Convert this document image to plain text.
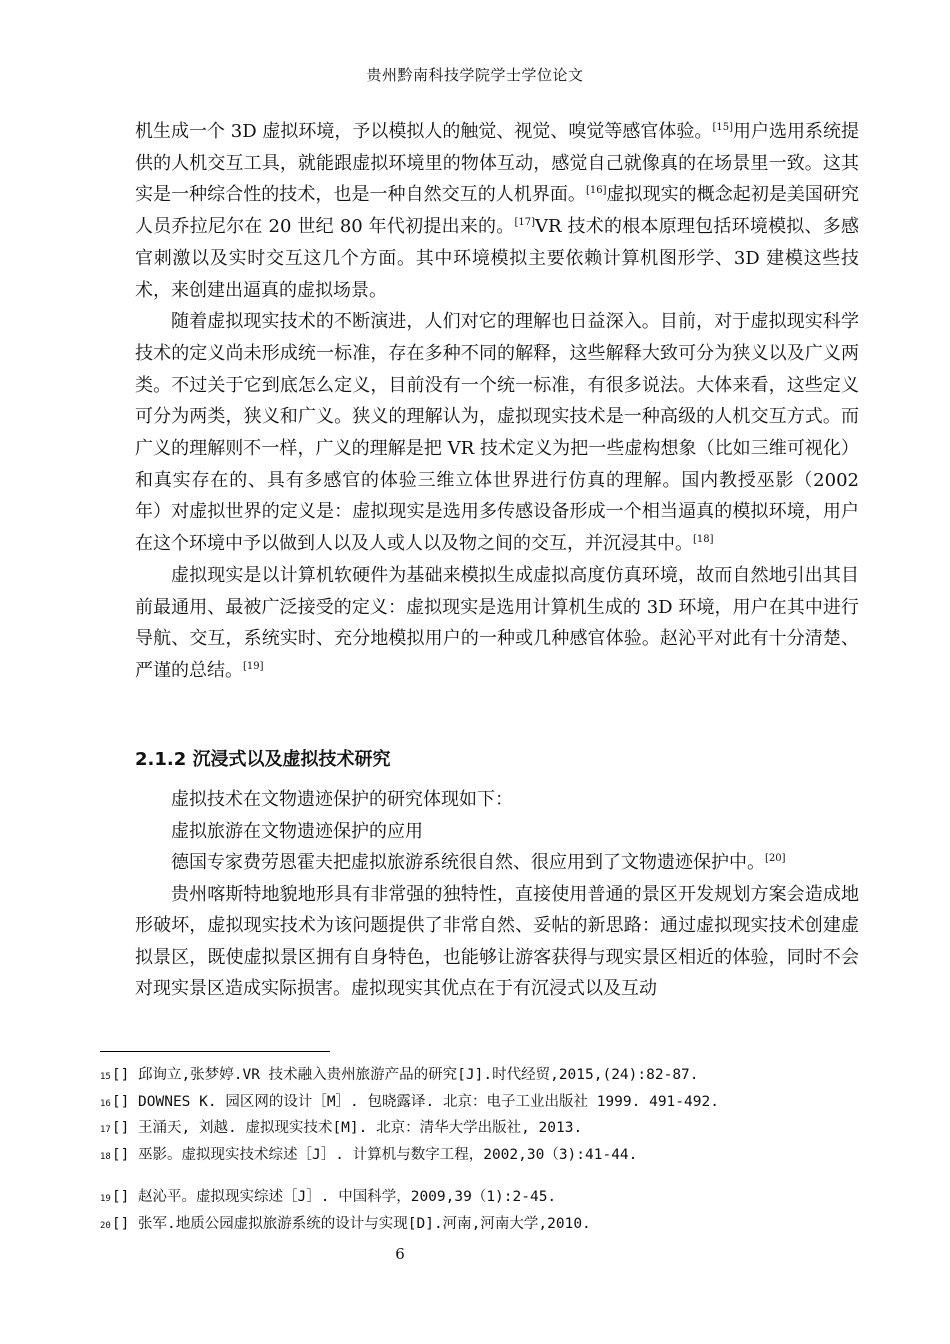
贵州黔南科技学院学士学位论文

机生成一个 3D 虚拟环境，予以模拟人的触觉、视觉、嗅觉等感官体验。[15]用户选用系统提供的人机交互工具，就能跟虚拟环境里的物体互动，感觉自己就像真的在场景里一致。这其实是一种综合性的技术，也是一种自然交互的人机界面。[16]虚拟现实的概念起初是美国研究人员乔拉尼尔在 20 世纪 80 年代初提出来的。[17]VR 技术的根本原理包括环境模拟、多感官刺激以及实时交互这几个方面。其中环境模拟主要依赖计算机图形学、3D 建模这些技术，来创建出逼真的虚拟场景。

随着虚拟现实技术的不断演进，人们对它的理解也日益深入。目前，对于虚拟现实科学技术的定义尚未形成统一标准，存在多种不同的解释，这些解释大致可分为狭义以及广义两类。不过关于它到底怎么定义，目前没有一个统一标准，有很多说法。大体来看，这些定义可分为两类，狭义和广义。狭义的理解认为，虚拟现实技术是一种高级的人机交互方式。而广义的理解则不一样，广义的理解是把 VR 技术定义为把一些虚构想象（比如三维可视化）和真实存在的、具有多感官的体验三维立体世界进行仿真的理解。国内教授巫影（2002 年）对虚拟世界的定义是：虚拟现实是选用多传感设备形成一个相当逼真的模拟环境，用户在这个环境中予以做到人以及人或人以及物之间的交互，并沉浸其中。[18]

虚拟现实是以计算机软硬件为基础来模拟生成虚拟高度仿真环境，故而自然地引出其目前最通用、最被广泛接受的定义：虚拟现实是选用计算机生成的 3D 环境，用户在其中进行导航、交互，系统实时、充分地模拟用户的一种或几种感官体验。赵沁平对此有十分清楚、严谨的总结。[19]

2.1.2 沉浸式以及虚拟技术研究

虚拟技术在文物遗迹保护的研究体现如下：

虚拟旅游在文物遗迹保护的应用

德国专家费劳恩霍夫把虚拟旅游系统很自然、很应用到了文物遗迹保护中。[20]

贵州喀斯特地貌地形具有非常强的独特性，直接使用普通的景区开发规划方案会造成地形破坏，虚拟现实技术为该问题提供了非常自然、妥帖的新思路：通过虚拟现实技术创建虚拟景区，既使虚拟景区拥有自身特色，也能够让游客获得与现实景区相近的体验，同时不会对现实景区造成实际损害。虚拟现实其优点在于有沉浸式以及互动

15[] 邱询立,张梦婷.VR 技术融入贵州旅游产品的研究[J].时代经贸,2015,(24):82-87.
16[] DOWNES K. 园区网的设计［M］. 包晓露译. 北京：电子工业出版社 1999. 491-492.
17[] 王涌天, 刘越. 虚拟现实技术[M]. 北京：清华大学出版社, 2013.
18[] 巫影。虚拟现实技术综述［J］. 计算机与数字工程，2002,30（3):41-44.
19[] 赵沁平。虚拟现实综述［J］. 中国科学，2009,39（1):2-45.
20[] 张军.地质公园虚拟旅游系统的设计与实现[D].河南,河南大学,2010.
6
